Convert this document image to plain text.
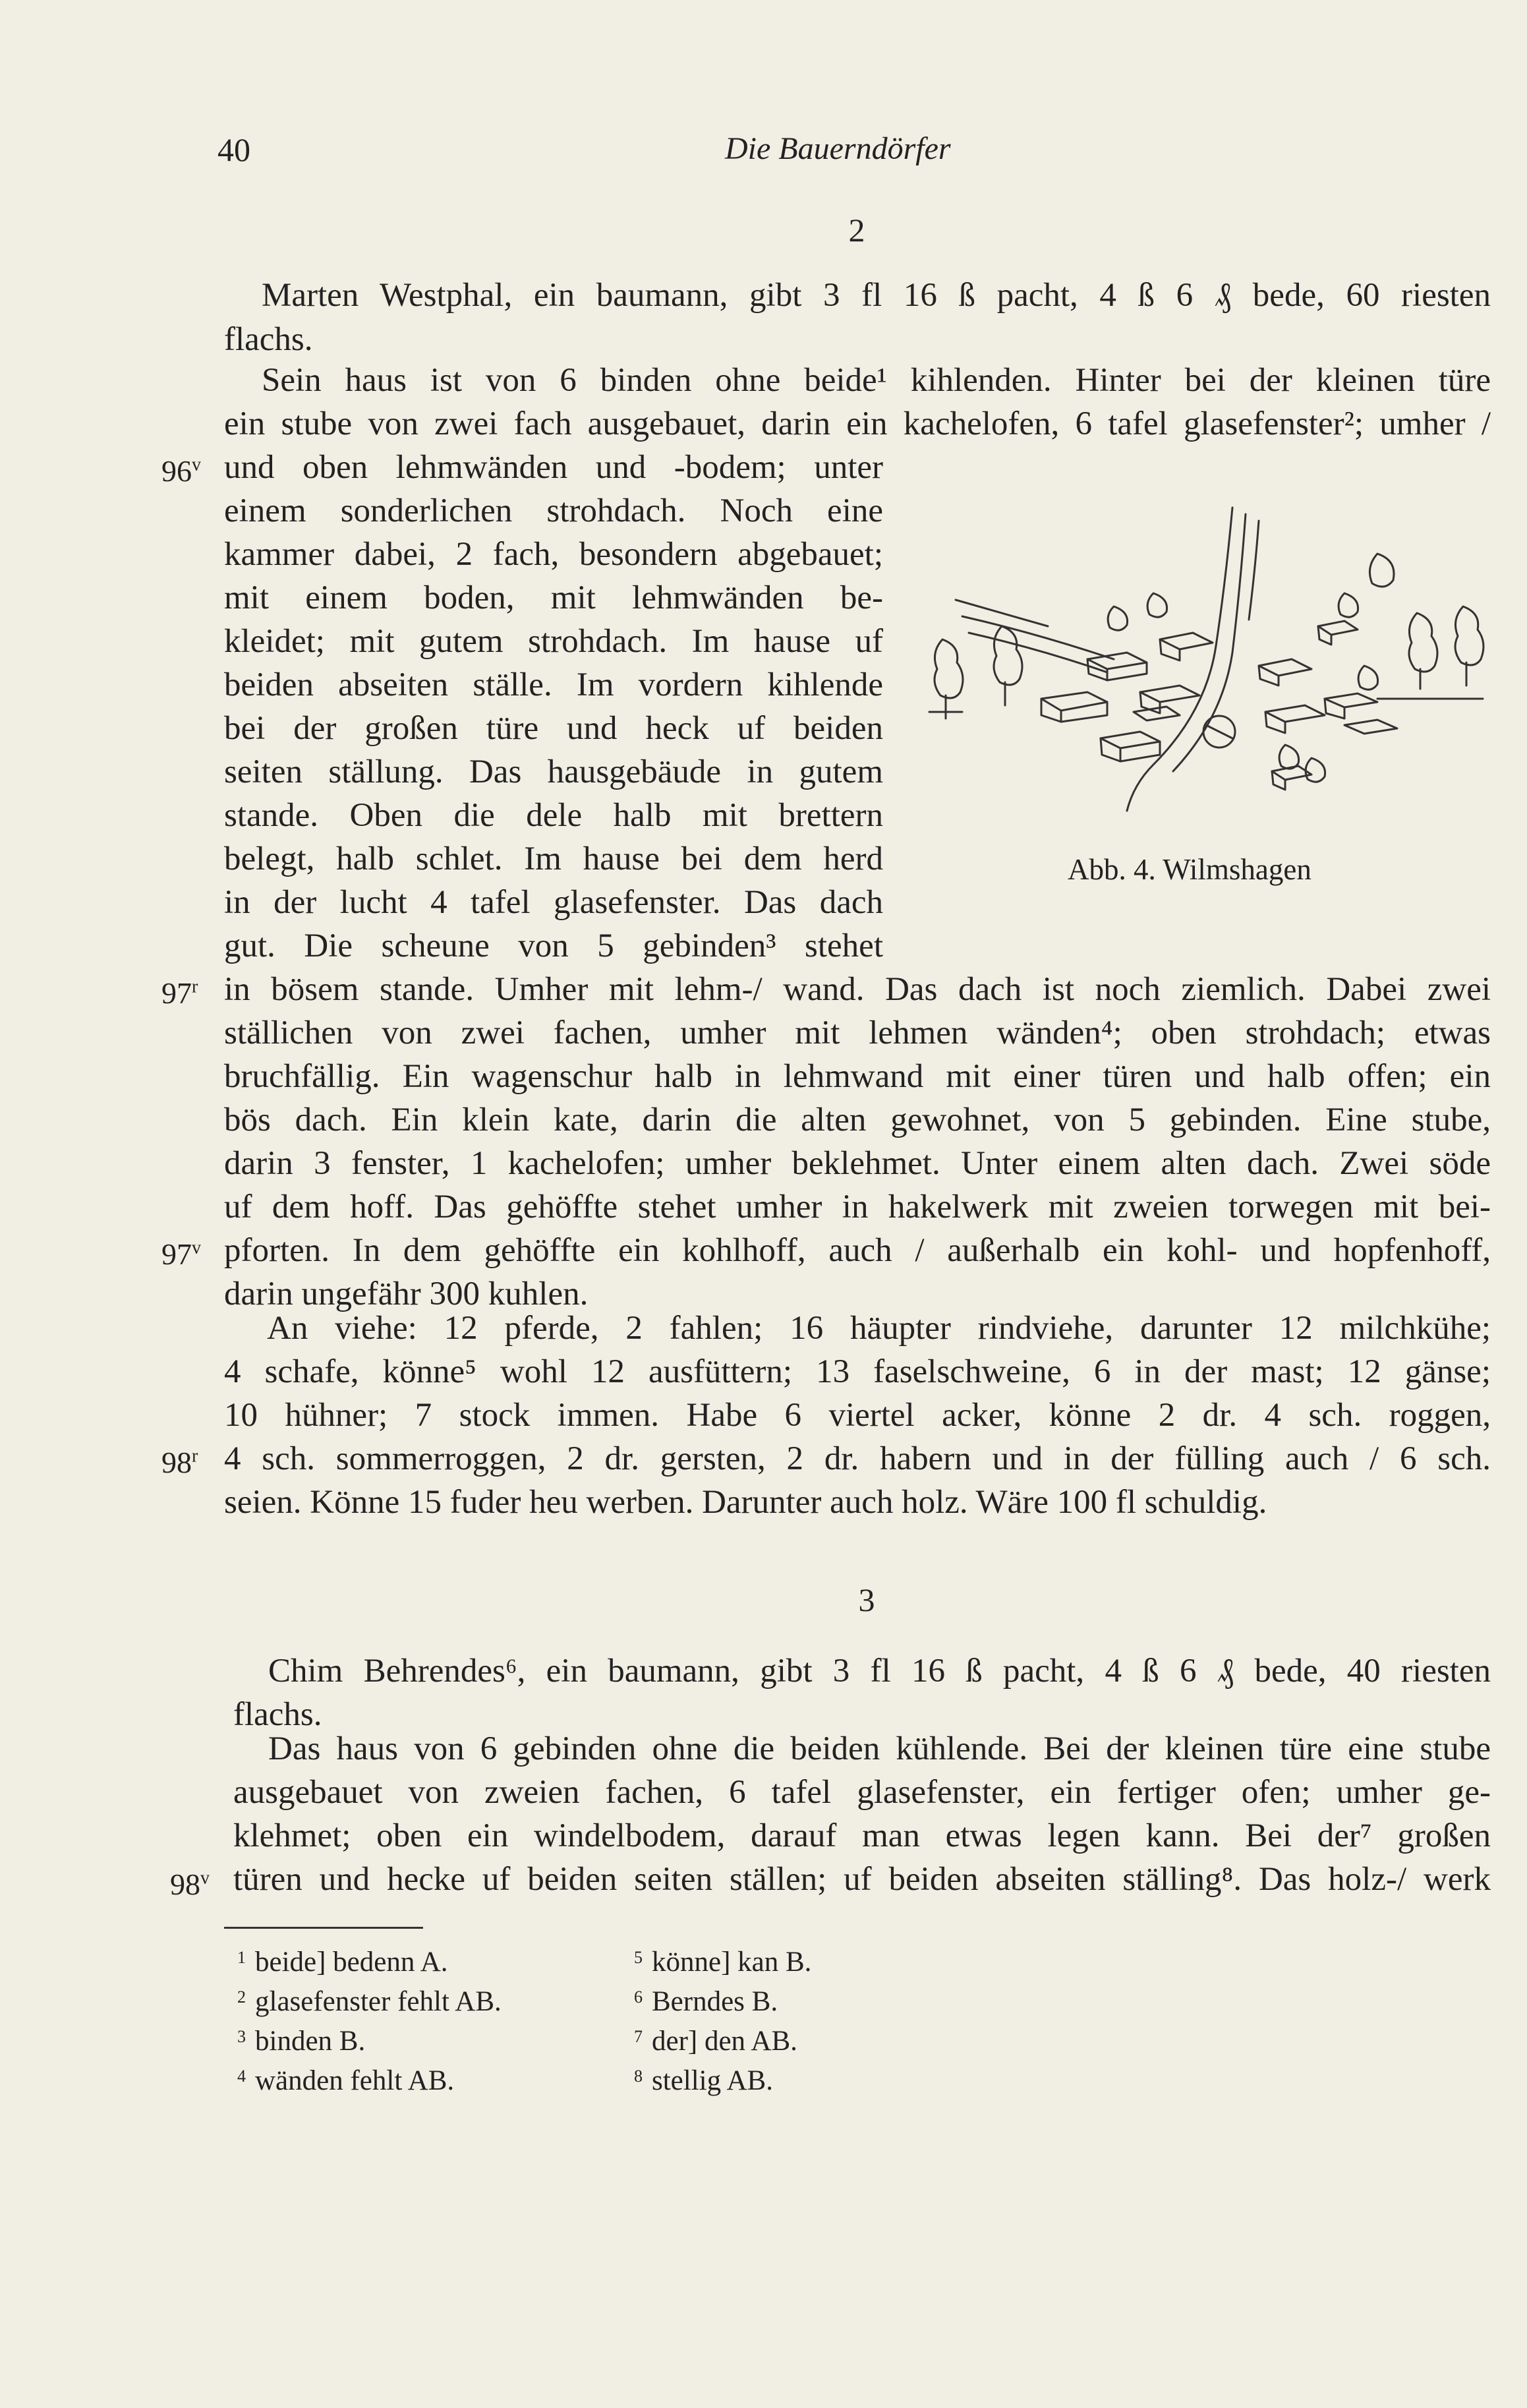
40	Die Bauerndörfer
2
3
Marten Westphal, ein baumann, gibt 3 fl 16 ß pacht, 4 ß 6 ₰ bede, 60 riesten
flachs.
Sein haus ist von 6 binden ohne beide¹ kihlenden. Hinter bei der kleinen türe
ein stube von zwei fach ausgebauet, darin ein kachelofen, 6 tafel glasefenster²; umher /
und oben lehmwänden und -bodem; unter
einem sonderlichen strohdach. Noch eine
kammer dabei, 2 fach, besondern abgebauet;
mit einem boden, mit lehmwänden be-
kleidet; mit gutem strohdach. Im hause uf
beiden abseiten ställe. Im vordern kihlende
bei der großen türe und heck uf beiden
seiten ställung. Das hausgebäude in gutem
stande. Oben die dele halb mit brettern
belegt, halb schlet. Im hause bei dem herd
in der lucht 4 tafel glasefenster. Das dach
gut. Die scheune von 5 gebinden³ stehet
in bösem stande. Umher mit lehm-/ wand. Das dach ist noch ziemlich. Dabei zwei
ställichen von zwei fachen, umher mit lehmen wänden⁴; oben strohdach; etwas
bruchfällig. Ein wagenschur halb in lehmwand mit einer türen und halb offen; ein
bös dach. Ein klein kate, darin die alten gewohnet, von 5 gebinden. Eine stube,
darin 3 fenster, 1 kachelofen; umher beklehmet. Unter einem alten dach. Zwei söde
uf dem hoff. Das gehöffte stehet umher in hakelwerk mit zweien torwegen mit bei-
pforten. In dem gehöffte ein kohlhoff, auch / außerhalb ein kohl- und hopfenhoff,
darin ungefähr 300 kuhlen.
An viehe: 12 pferde, 2 fahlen; 16 häupter rindviehe, darunter 12 milchkühe;
4 schafe, könne⁵ wohl 12 ausfüttern; 13 faselschweine, 6 in der mast; 12 gänse;
10 hühner; 7 stock immen. Habe 6 viertel acker, könne 2 dr. 4 sch. roggen,
4 sch. sommerroggen, 2 dr. gersten, 2 dr. habern und in der fülling auch / 6 sch.
seien. Könne 15 fuder heu werben. Darunter auch holz. Wäre 100 fl schuldig.
Chim Behrendes⁶, ein baumann, gibt 3 fl 16 ß pacht, 4 ß 6 ₰ bede, 40 riesten
flachs.
Das haus von 6 gebinden ohne die beiden kühlende. Bei der kleinen türe eine stube
ausgebauet von zweien fachen, 6 tafel glasefenster, ein fertiger ofen; umher ge-
klehmet; oben ein windelbodem, darauf man etwas legen kann. Bei der⁷ großen
türen und hecke uf beiden seiten ställen; uf beiden abseiten ställing⁸. Das holz-/ werk
96$^v$
97$^r$
97$^v$
98$^r$
98$^v$
Abb. 4. Wilmshagen
$^1$ beide] bedenn A.
$^2$ glasefenster fehlt AB.
$^3$ binden B.
$^4$ wänden fehlt AB.
$^5$ könne] kan B.
$^6$ Berndes B.
$^7$ der] den AB.
$^8$ stellig AB.
